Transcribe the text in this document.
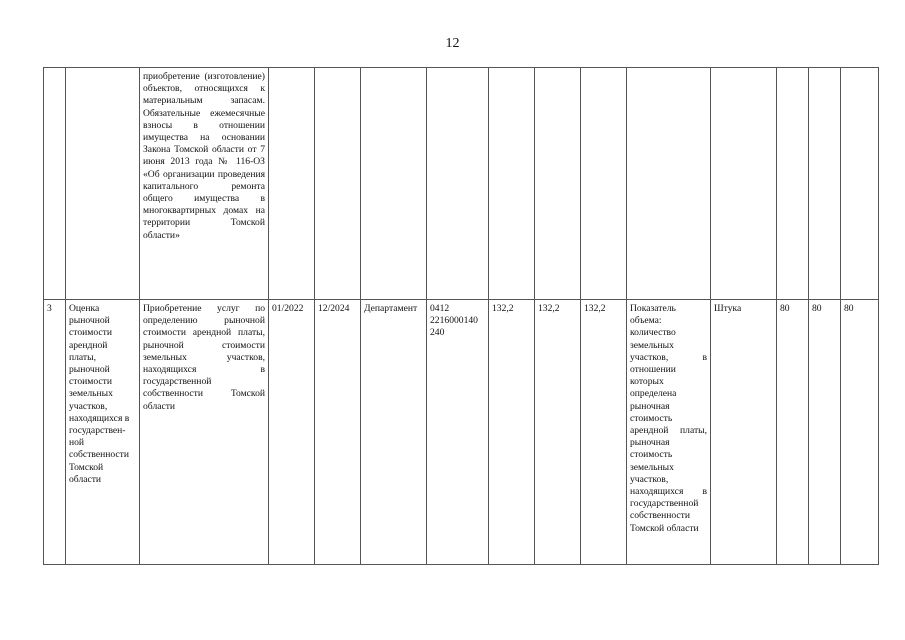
12
		приобретение (изготовление) объектов, относящихся к материальным запасам. Обязательные ежемесячные взносы в отношении имущества на основании Закона Томской области от 7 июня 2013 года № 116-ОЗ «Об организации проведения капитального ремонта общего имущества в многоквартирных домах на территории Томской области»												
3	Оценка рыночной стоимости арендной платы, рыночной стоимости земельных участков, находящихся в государствен-ной собственности Томской области	Приобретение услуг по определению рыночной стоимости арендной платы, рыночной стоимости земельных участков, находящихся в государственной собственности Томской области	01/2022	12/2024	Департамент	0412 2216000140 240	132,2	132,2	132,2	Показатель объема: количество земельных участков, в отношении которых определена рыночная стоимость арендной платы, рыночная стоимость земельных участков, находящихся в государственной собственности Томской области	Штука	80	80	80
